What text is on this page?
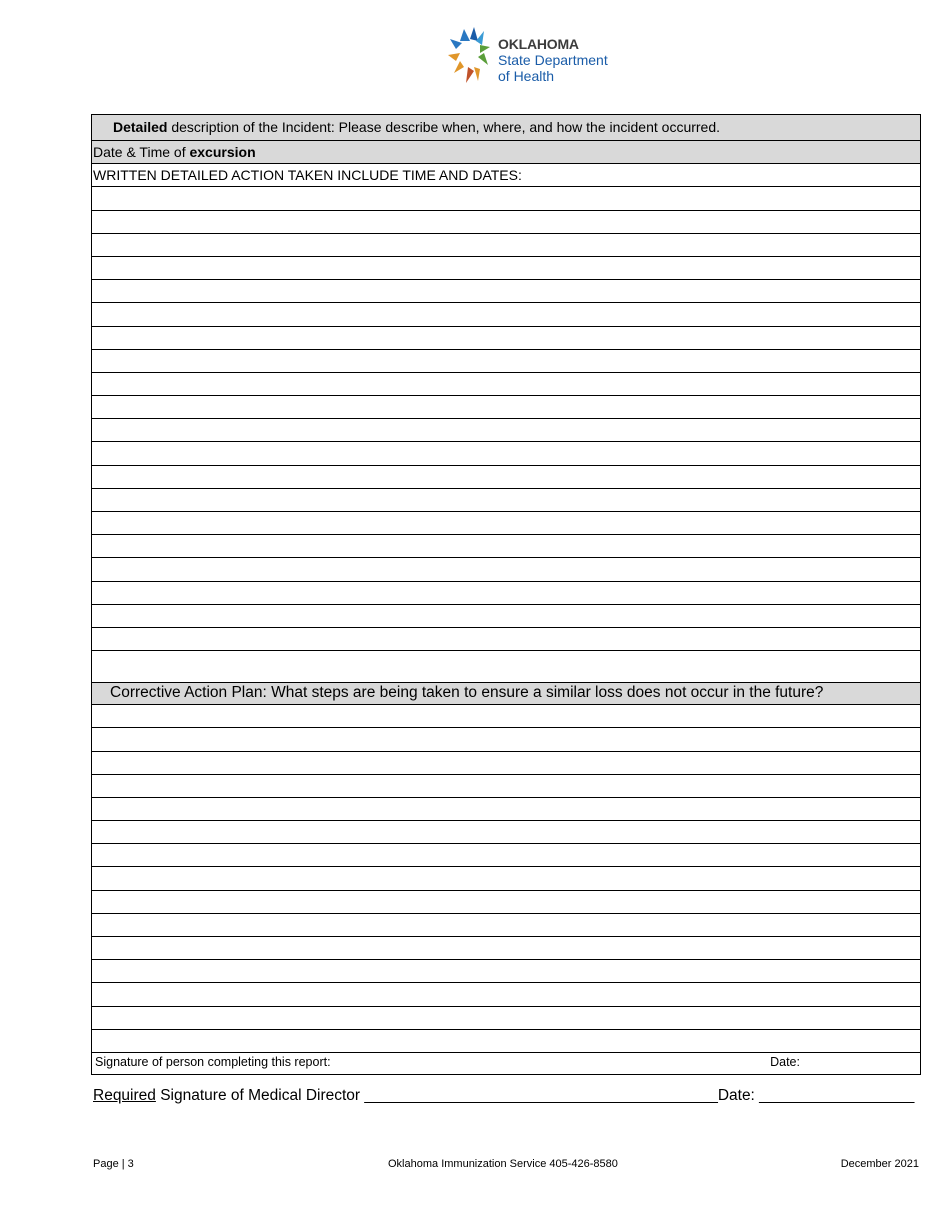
OKLAHOMA
State Department
of Health
Detailed description of the Incident: Please describe when, where, and how the incident occurred.
Date & Time of excursion
WRITTEN DETAILED ACTION TAKEN INCLUDE TIME AND DATES:
Corrective Action Plan: What steps are being taken to ensure a similar loss does not occur in the future?
Signature of person completing this report:	Date:
Required Signature of Medical Director _________________________________________Date: __________________
Page | 3	Oklahoma Immunization Service 405-426-8580	December 2021
